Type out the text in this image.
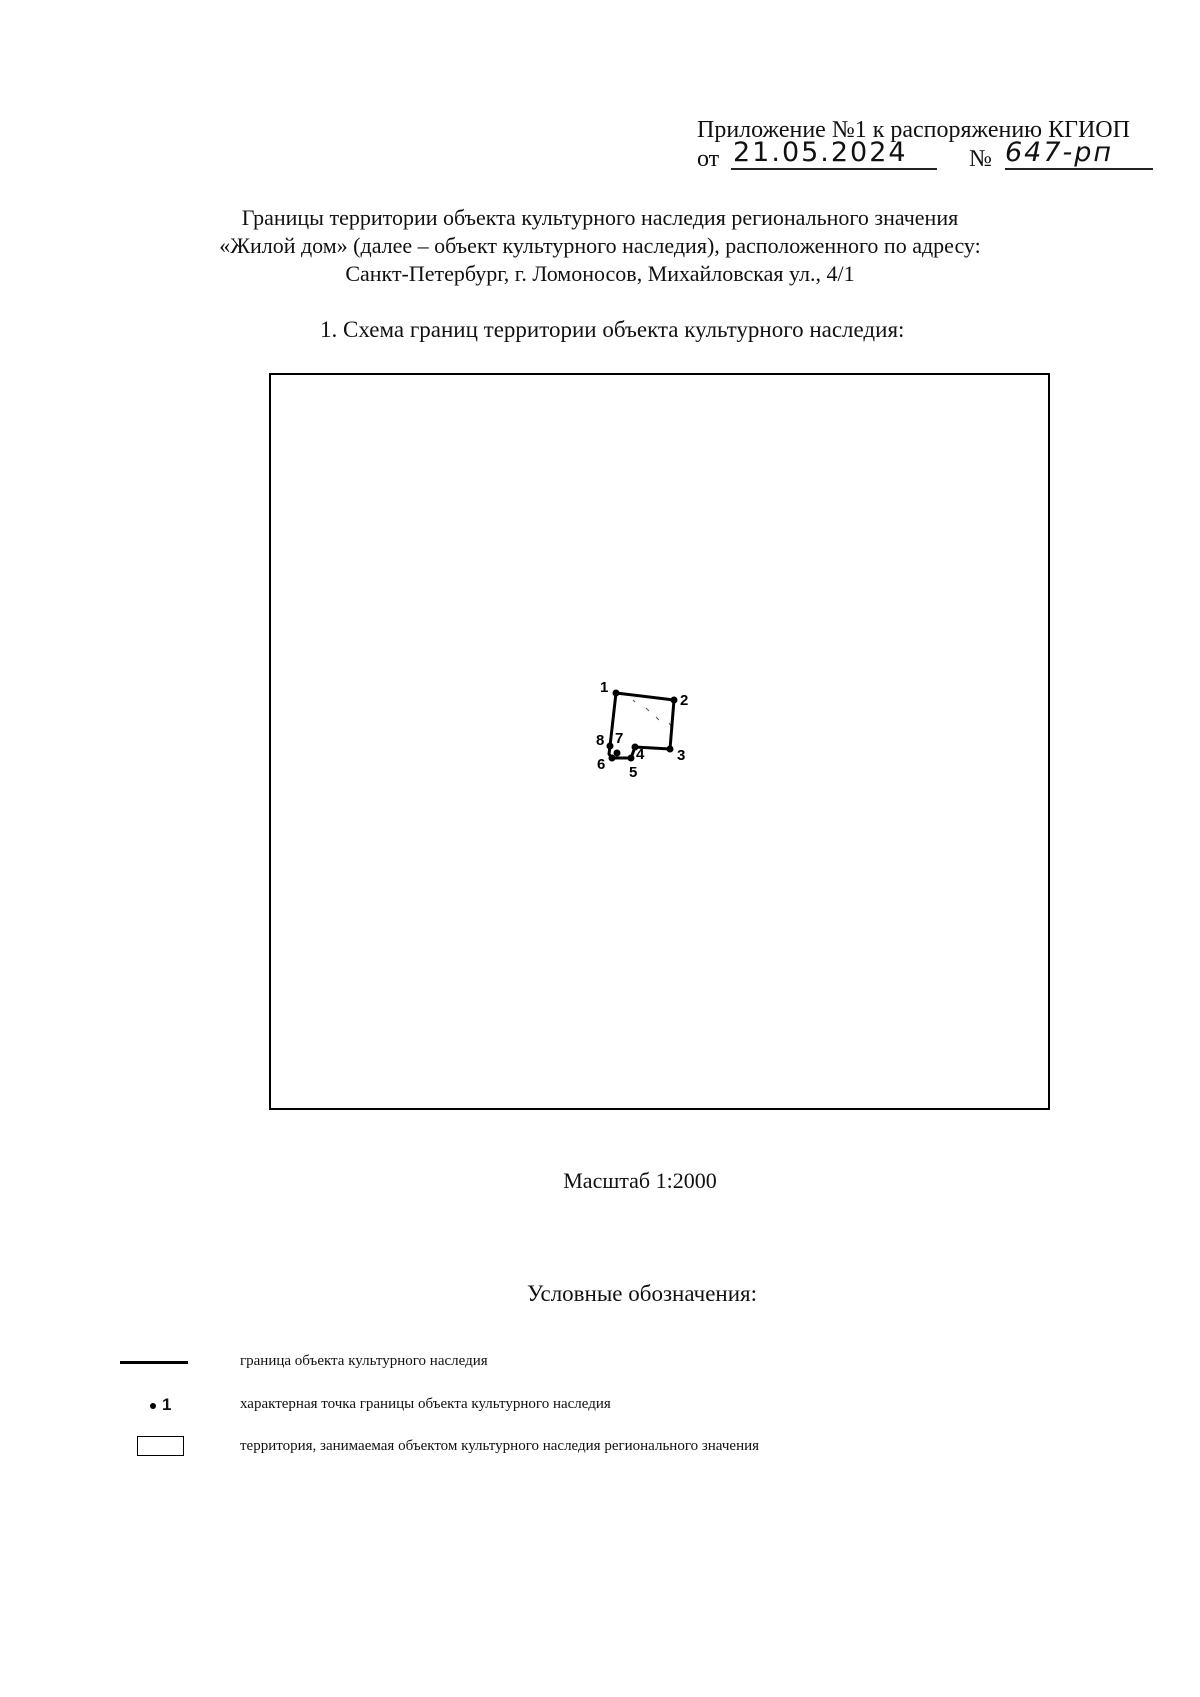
Приложение №1 к распоряжению КГИОП
от 21.05.2024	№ 647-рп
Границы территории объекта культурного наследия регионального значения
«Жилой дом» (далее – объект культурного наследия), расположенного по адресу:
Санкт-Петербург, г. Ломоносов, Михайловская ул., 4/1
1. Схема границ территории объекта культурного наследия:
1
2
3
4
5
6
7
8
Масштаб 1:2000
Условные обозначения:
граница объекта культурного наследия
1	характерная точка границы объекта культурного наследия
территория, занимаемая объектом культурного наследия регионального значения
